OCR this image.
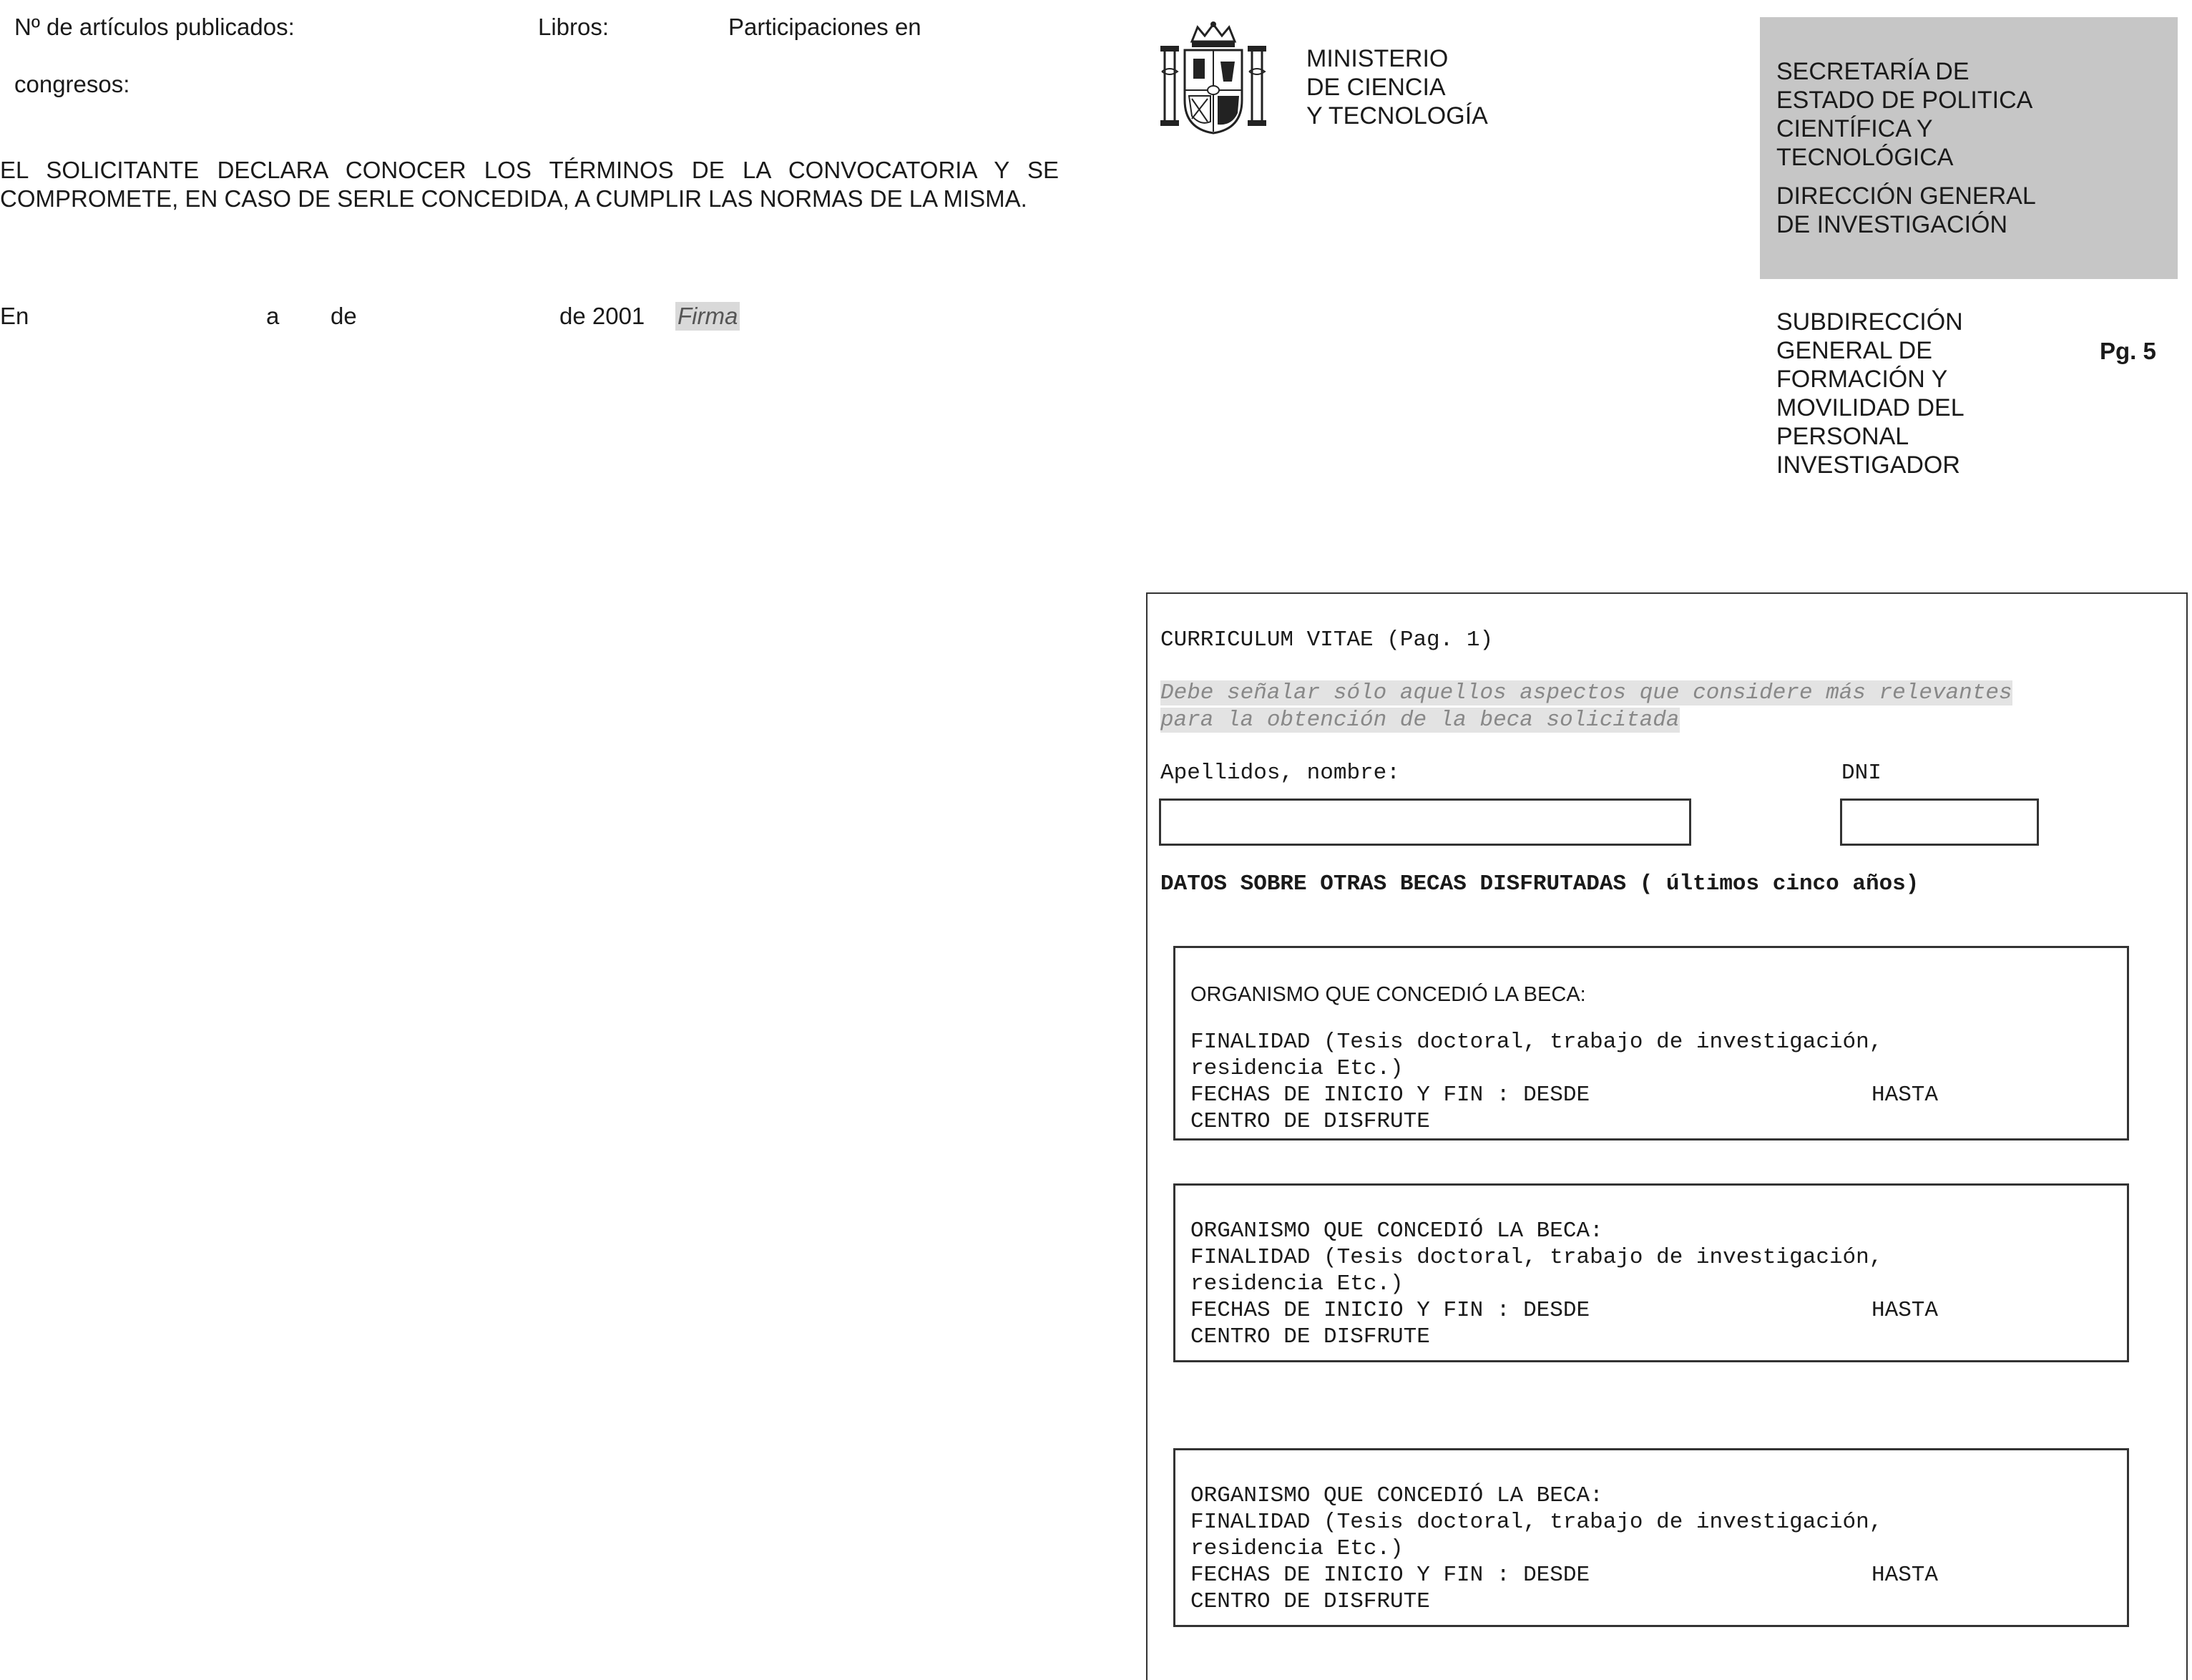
Nº de artículos publicados:	Libros:	Participaciones en
congresos:
EL SOLICITANTE DECLARA CONOCER LOS TÉRMINOS DE LA CONVOCATORIA Y SE COMPROMETE, EN CASO DE SERLE CONCEDIDA, A CUMPLIR LAS NORMAS DE LA MISMA.
En	a de	de 2001 Firma
MINISTERIO
DE CIENCIA
Y TECNOLOGÍA
SECRETARÍA DE
ESTADO DE POLITICA
CIENTÍFICA Y
TECNOLÓGICA
DIRECCIÓN GENERAL
DE INVESTIGACIÓN
SUBDIRECCIÓN
GENERAL DE
FORMACIÓN Y
MOVILIDAD DEL
PERSONAL
INVESTIGADOR
Pg. 5
CURRICULUM VITAE (Pag. 1)
Debe señalar sólo aquellos aspectos que considere más relevantes
para la obtención de la beca solicitada
Apellidos, nombre:	DNI
DATOS SOBRE OTRAS BECAS DISFRUTADAS ( últimos cinco años)
ORGANISMO QUE CONCEDIÓ LA BECA:
FINALIDAD (Tesis doctoral, trabajo de investigación,
residencia Etc.)
FECHAS DE INICIO Y FIN : DESDE	HASTA
CENTRO DE DISFRUTE
ORGANISMO QUE CONCEDIÓ LA BECA:
FINALIDAD (Tesis doctoral, trabajo de investigación,
residencia Etc.)
FECHAS DE INICIO Y FIN : DESDE	HASTA
CENTRO DE DISFRUTE
ORGANISMO QUE CONCEDIÓ LA BECA:
FINALIDAD (Tesis doctoral, trabajo de investigación,
residencia Etc.)
FECHAS DE INICIO Y FIN : DESDE	HASTA
CENTRO DE DISFRUTE
